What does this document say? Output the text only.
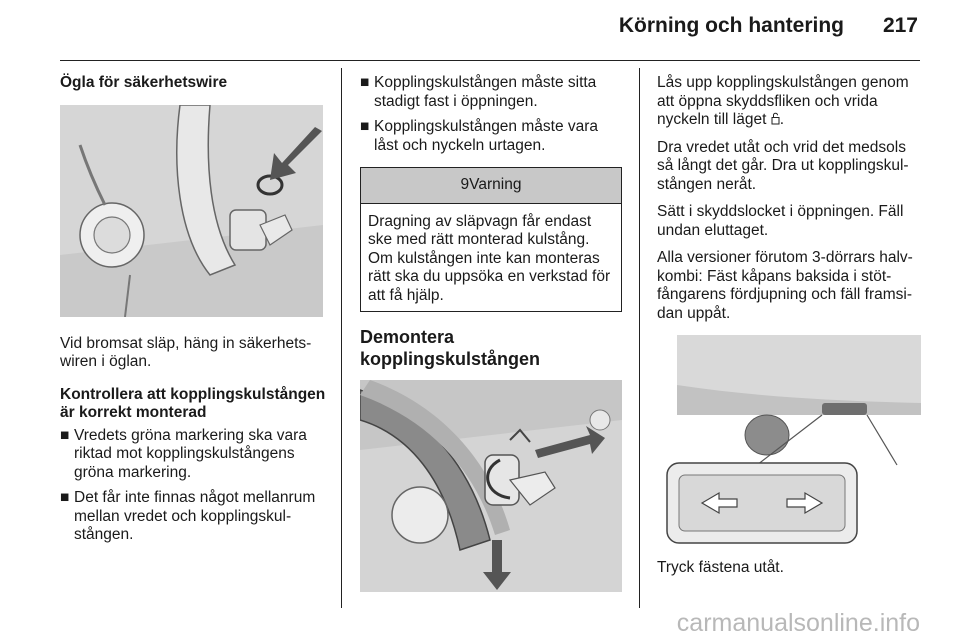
Körning och hantering 217
Ögla för säkerhetswire

Vid bromsat släp, häng in säkerhets-wiren i öglan.

Kontrollera att kopplingskulstången är korrekt monterad
■ Vredets gröna markering ska vara riktad mot kopplingskulstångens gröna markering.
■ Det får inte finnas något mellanrum mellan vredet och kopplingskul-stången.
■ Kopplingskulstången måste sitta stadigt fast i öppningen.
■ Kopplingskulstången måste vara låst och nyckeln urtagen.
9Varning
Dragning av släpvagn får endast ske med rätt monterad kulstång. Om kulstången inte kan monteras rätt ska du uppsöka en verkstad för att få hjälp.
Demontera kopplingskulstången

Lås upp kopplingskulstången genom att öppna skyddsfliken och vrida nyckeln till läget .

Dra vredet utåt och vrid det medsols så långt det går. Dra ut kopplingskul-stången neråt.

Sätt i skyddslocket i öppningen. Fäll undan eluttaget.

Alla versioner förutom 3-dörrars halv-kombi: Fäst kåpans baksida i stöt-fångarens fördjupning och fäll framsi-dan uppåt.

Tryck fästena utåt.

carmanualsonline.info
